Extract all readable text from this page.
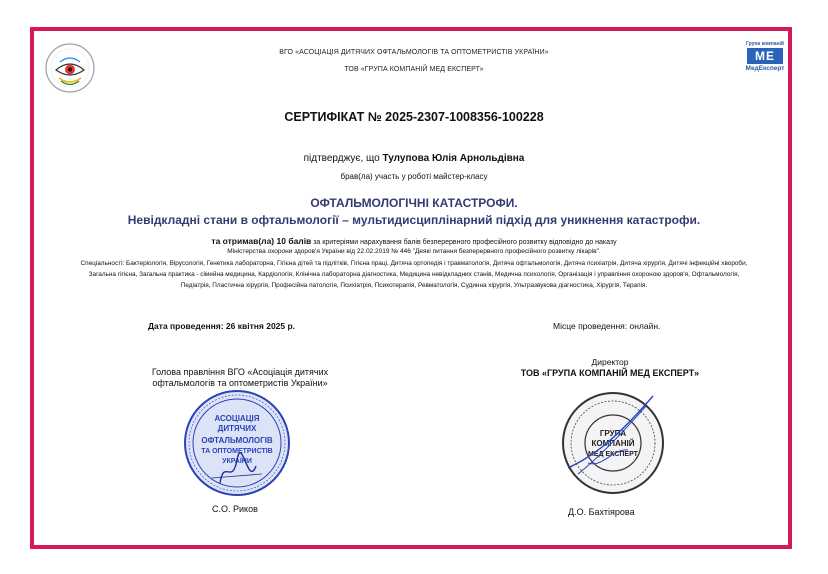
Група компаній
МЕ
МедЕксперт
ВГО «АСОЦІАЦІЯ ДИТЯЧИХ ОФТАЛЬМОЛОГІВ ТА ОПТОМЕТРИСТІВ УКРАЇНИ»
ТОВ «ГРУПА КОМПАНІЙ МЕД ЕКСПЕРТ»
СЕРТИФІКАТ № 2025-2307-1008356-100228
підтверджує, що Тулупова Юлія Арнольдівна
брав(ла) участь у роботі майстер-класу
ОФТАЛЬМОЛОГІЧНІ КАТАСТРОФИ.
Невідкладні стани в офтальмології – мультидисциплінарний підхід для уникнення катастрофи.
та отримав(ла) 10 балів за критеріями нарахування балів безперервного професійного розвитку відповідно до наказу
Міністерства охорони здоров'я України від 22.02.2019 № 446 "Деякі питання безперервного професійного розвитку лікарів".
Спеціальності: Бактеріологія, Вірусологія, Генетика лабораторна, Гігієна дітей та підлітків, Гігієна праці, Дитяча ортопедія і травматологія, Дитяча офтальмологія, Дитяча психіатрія, Дитяча хірургія, Дитячі інфекційні хвороби, Загальна гігієна, Загальна практика - сімейна медицина, Кардіологія, Клінічна лабораторна діагностика, Медицина невідкладних станів, Медична психологія, Організація і управління охороною здоров'я, Офтальмологія, Педіатрія, Пластична хірургія, Професійна патологія, Психіатрія, Психотерапія, Ревматологія, Судинна хірургія, Ультразвукова діагностика, Хірургія, Терапія.
Дата проведення: 26 квітня 2025 р.	Місце проведення: онлайн.
Голова правління ВГО «Асоціація дитячих
офтальмологів та оптометристів України»
АСОЦІАЦІЯ
ДИТЯЧИХ
ОФТАЛЬМОЛОГІВ
ТА ОПТОМЕТРИСТІВ
УКРАЇНИ
С.О. Риков
Директор
ТОВ «ГРУПА КОМПАНІЙ МЕД ЕКСПЕРТ»
ГРУПА
КОМПАНІЙ
МЕД ЕКСПЕРТ
Д.О. Бахтіярова
